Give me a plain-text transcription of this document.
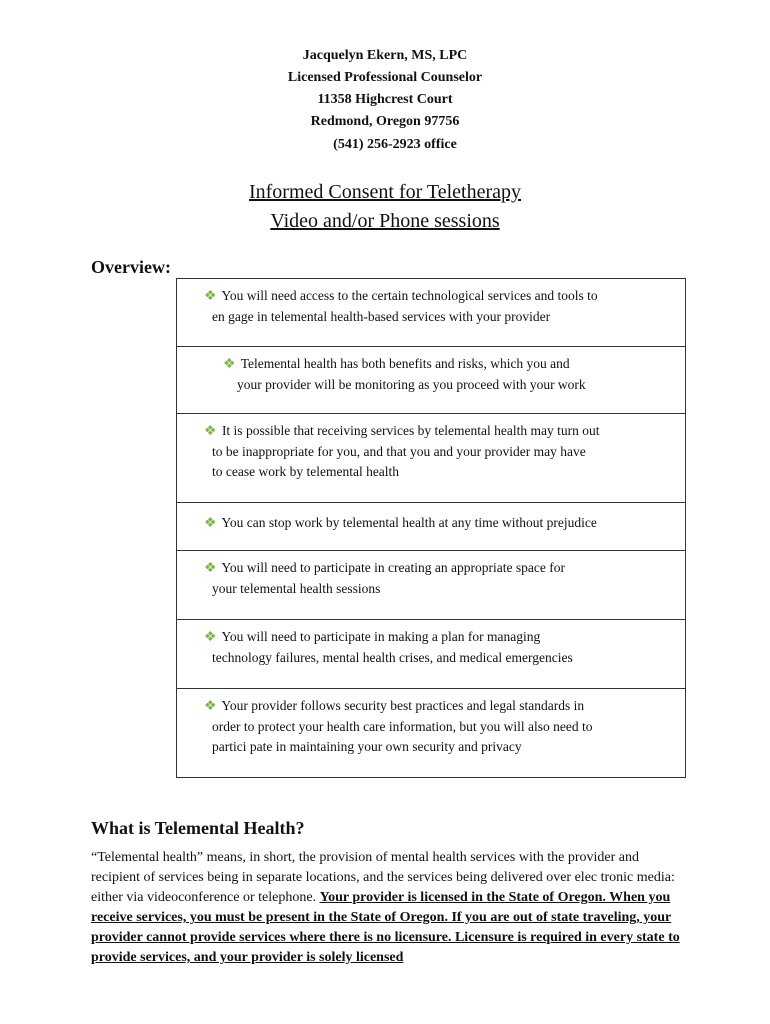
Jacquelyn Ekern, MS, LPC
Licensed Professional Counselor
11358 Highcrest Court
Redmond, Oregon 97756
(541) 256-2923 office
Informed Consent for Teletherapy
Video and/or Phone sessions
Overview:
❖ You will need access to the certain technological services and tools to
en gage in telemental health-based services with your provider
❖ Telemental health has both benefits and risks, which you and
your provider will be monitoring as you proceed with your work
❖ It is possible that receiving services by telemental health may turn out
to be inappropriate for you, and that you and your provider may have
to cease work by telemental health
❖ You can stop work by telemental health at any time without prejudice
❖ You will need to participate in creating an appropriate space for
your telemental health sessions
❖ You will need to participate in making a plan for managing
technology failures, mental health crises, and medical emergencies
❖ Your provider follows security best practices and legal standards in
order to protect your health care information, but you will also need to
partici pate in maintaining your own security and privacy
What is Telemental Health?
“Telemental health” means, in short, the provision of mental health services with the provider and recipient of services being in separate locations, and the services being delivered over elec tronic media: either via videoconference or telephone. Your provider is licensed in the State of Oregon. When you receive services, you must be present in the State of Oregon. If you are out of state traveling, your provider cannot provide services where there is no licensure. Licensure is required in every state to provide services, and your provider is solely licensed
